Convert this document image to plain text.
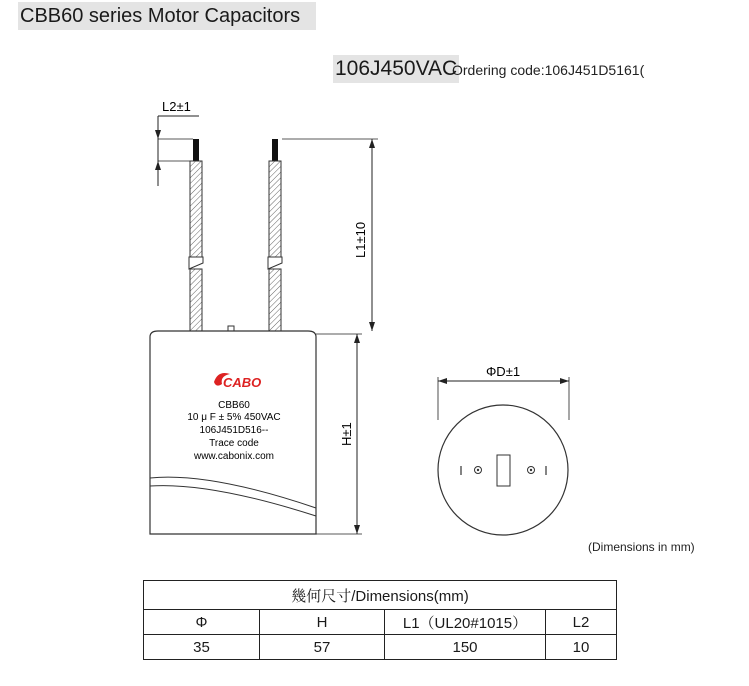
CBB60 series Motor Capacitors
106J450VAC
Ordering code:106J451D5161(
L2±1
L1±10
CABO
CBB60
10 μ F ± 5% 450VAC
106J451D516--
Trace code
www.cabonix.com
H±1
ΦD±1
(Dimensions in mm)
幾何尺寸/Dimensions(mm)			
Φ	H	L1（UL20#1015）	L2
35	57	150	10
